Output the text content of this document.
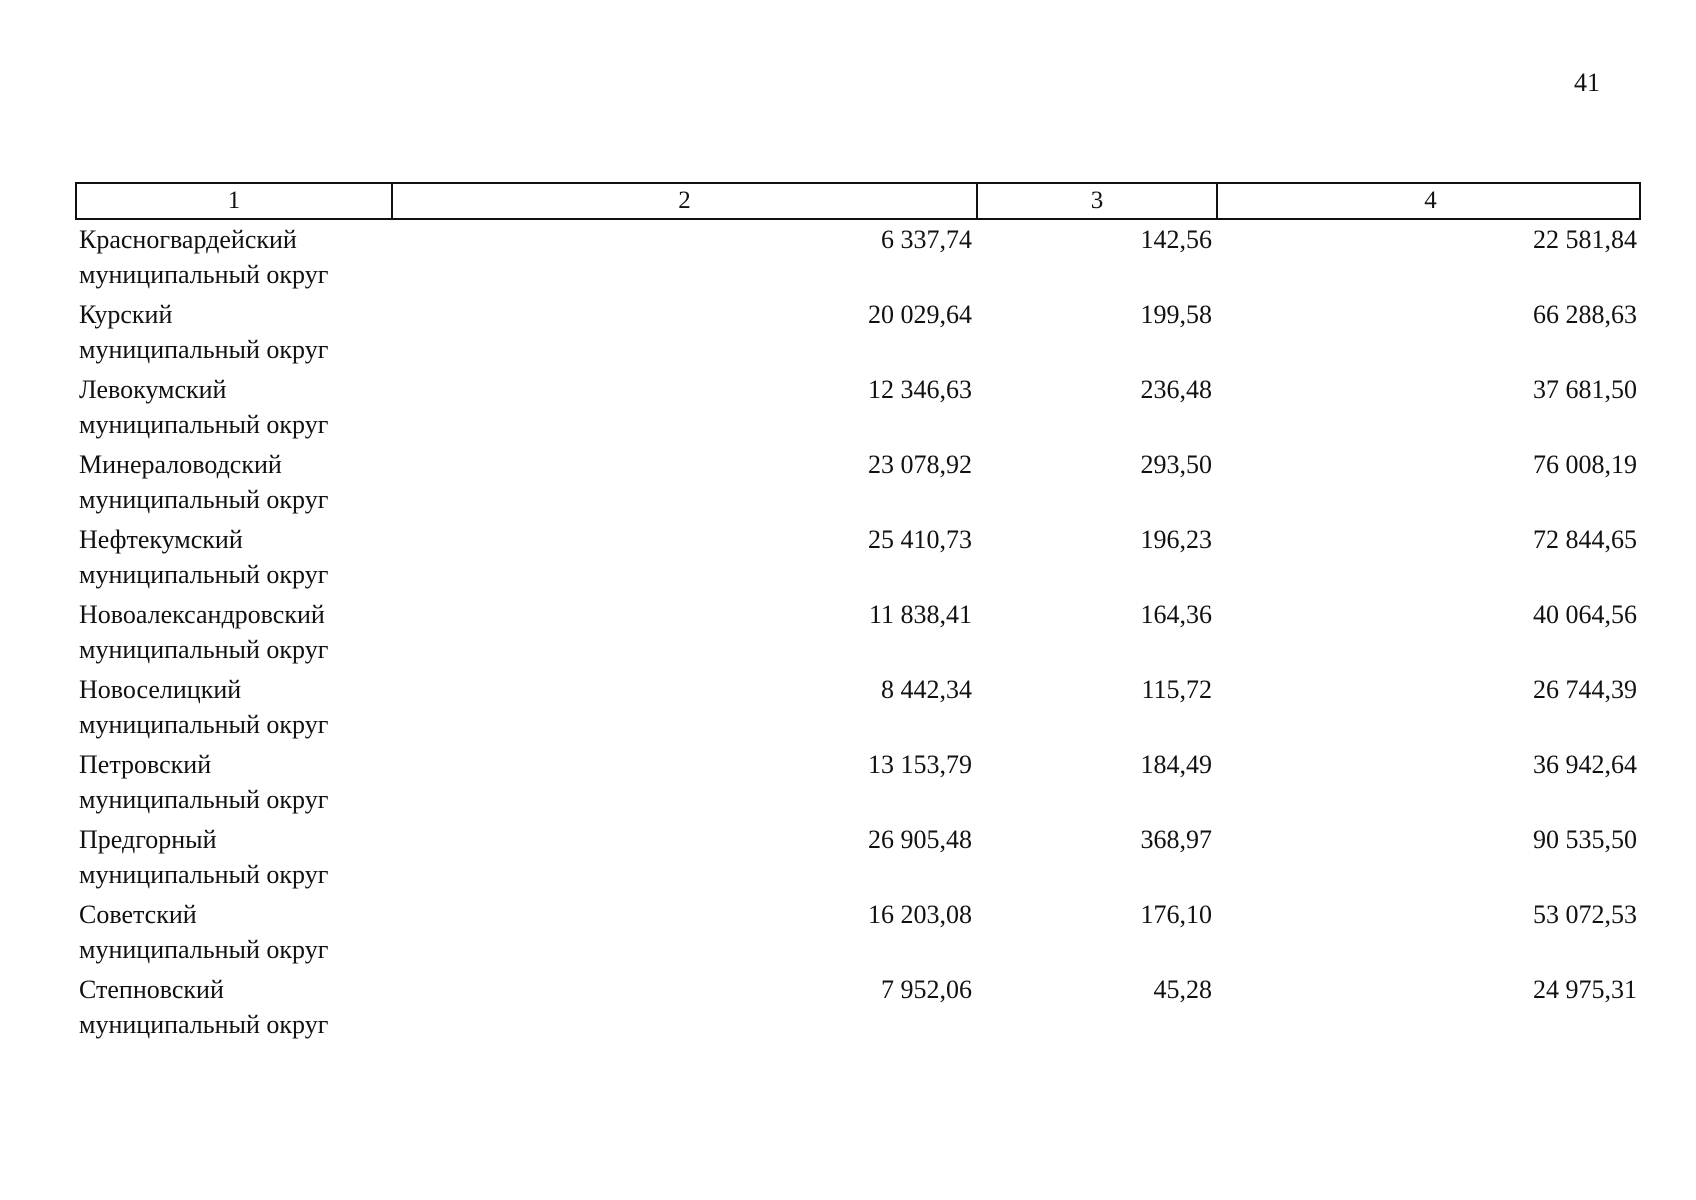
41
1	2	3	4
Красногвардейский
муниципальный округ
6 337,74	142,56	22 581,84
Курский
муниципальный округ
20 029,64	199,58	66 288,63
Левокумский
муниципальный округ
12 346,63	236,48	37 681,50
Минераловодский
муниципальный округ
23 078,92	293,50	76 008,19
Нефтекумский
муниципальный округ
25 410,73	196,23	72 844,65
Новоалександровский
муниципальный округ
11 838,41	164,36	40 064,56
Новоселицкий
муниципальный округ
8 442,34	115,72	26 744,39
Петровский
муниципальный округ
13 153,79	184,49	36 942,64
Предгорный
муниципальный округ
26 905,48	368,97	90 535,50
Советский
муниципальный округ
16 203,08	176,10	53 072,53
Степновский
муниципальный округ
7 952,06	45,28	24 975,31
